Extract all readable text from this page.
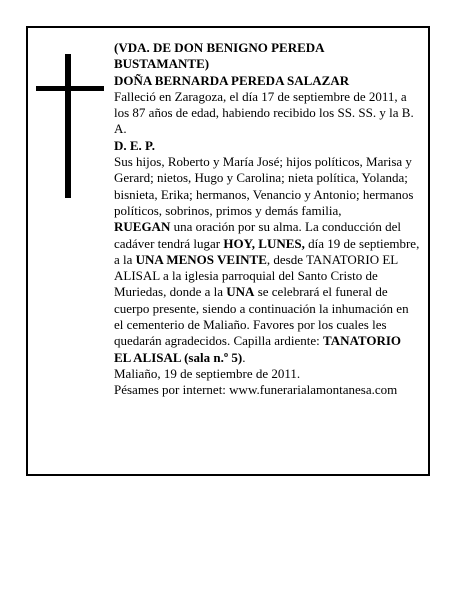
(VDA. DE DON BENIGNO PEREDA BUSTAMANTE)

DOÑA BERNARDA PEREDA SALAZAR

Falleció en Zaragoza, el día 17 de septiembre de 2011, a los 87 años de edad, habiendo recibido los SS. SS. y la B. A.

D. E. P.

Sus hijos, Roberto y María José; hijos políticos, Marisa y Gerard; nietos, Hugo y Carolina; nieta política, Yolanda; bisnieta, Erika; hermanos, Venancio y Antonio; hermanos políticos, sobrinos, primos y demás familia,

RUEGAN una oración por su alma. La conducción del cadáver tendrá lugar HOY, LUNES, día 19 de septiembre, a la UNA MENOS VEINTE, desde TANATORIO EL ALISAL a la iglesia parroquial del Santo Cristo de Muriedas, donde a la UNA se celebrará el funeral de cuerpo presente, siendo a continuación la inhumación en el cementerio de Maliaño. Favores por los cuales les quedarán agradecidos. Capilla ardiente: TANATORIO EL ALISAL (sala n.º 5).

Maliaño, 19 de septiembre de 2011.

Pésames por internet: www.funerarialamontanesa.com
